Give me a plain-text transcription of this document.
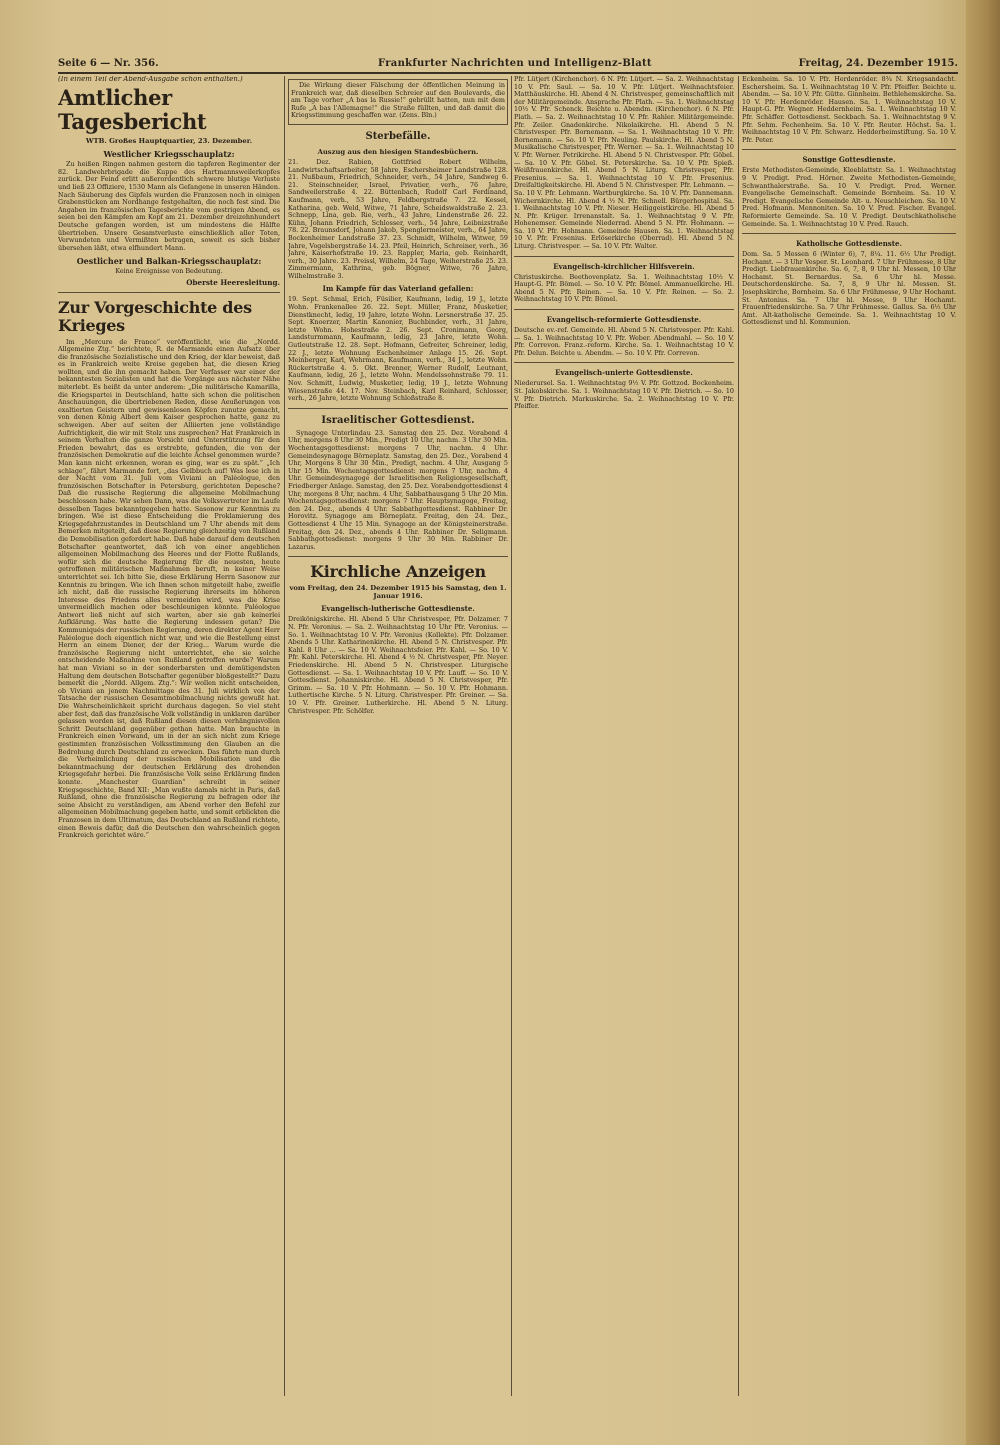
Seite 6 — Nr. 356.	Frankfurter Nachrichten und Intelligenz-Blatt	Freitag, 24. Dezember 1915.
(In einem Teil der Abend-Ausgabe schon enthalten.)
Amtlicher Tagesbericht
WTB. Großes Hauptquartier, 23. Dezember.
Westlicher Kriegsschauplatz:

Zu heißen Ringen nahmen gestern die tapferen Regimenter der 82. Landwehrbrigade die Kuppe des Hartmannsweilerkopfes zurück. Der Feind erlitt außerordentlich schwere blutige Verluste und ließ 23 Offiziere, 1530 Mann als Gefangene in unseren Händen. Nach Säuberung des Gipfels wurden die Franzosen noch in einigen Grabenstücken am Nordhange festgehalten, die noch fest sind. Die Angaben im französischen Tagesberichte vom gestrigen Abend, es seien bei den Kämpfen am Kopf am 21. Dezember dreizehnhundert Deutsche gefangen worden, ist um mindestens die Hälfte übertrieben. Unsere Gesamtverluste einschließlich aller Toten, Verwundeten und Vermißten betragen, soweit es sich bisher übersehen läßt, etwa elfhundert Mann.

Oestlicher und Balkan-Kriegsschauplatz:

Keine Ereignisse von Bedeutung.

Oberste Heeresleitung.
Zur Vorgeschichte des Krieges

Im „Mercure de France“ veröffentlicht, wie die „Nordd. Allgemeine Ztg.“ berichtete, R. de Marmande einen Aufsatz über die französische Sozialistische und den Krieg, der klar beweist, daß es in Frankreich weite Kreise gegeben hat, die diesen Krieg wollten, und die ihn gemacht haben. Der Verfasser war einer der bekanntesten Sozialisten und hat die Vorgänge aus nächster Nähe miterlebt. Es heißt da unter anderem: „Die militärische Kamarilla, die Kriegspartei in Deutschland, hatte sich schon die politischen Anschauungen, die übertriebenen Reden, diese Aeußerungen von exaltierten Geistern und gewissenlosen Köpfen zunutze gemacht, von denen König Albert dem Kaiser gesprochen hatte, ganz zu schweigen. Aber auf seiten der Alliierten jene vollständige Aufrichtigkeit, die wir mit Stolz uns zusprechen? Hat Frankreich in seinem Verhalten die ganze Vorsicht und Unterstützung für den Frieden bewahrt, das es erstrebte, gefunden, die von der französischen Demokratie auf die leichte Achsel genommen wurde? Man kann nicht erkennen, woran es ging, war es zu spät.“ „Ich schlage“, fährt Marmande fort, „das Gelbbuch auf! Was lese ich in der Nacht vom 31. Juli vom Viviani an Paléologue, den französischen Botschafter in Petersburg, gerichteten Depesche? Daß die russische Regierung die allgemeine Mobilmachung beschlossen habe. Wir sehen Dann, was die Volksvertreter im Laufe desselben Tages bekanntgegeben hatte. Sasonow zur Kenntnis zu bringen. Wie ist diese Entscheidung die Proklamierung des Kriegsgefahrzustandes in Deutschland um 7 Uhr abends mit dem Bemerken mitgeteilt, daß diese Regierung gleichzeitig von Rußland die Demobilisation gefordert habe. Daß habe darauf dem deutschen Botschafter geantwortet, daß ich von einer angeblichen allgemeinen Mobilmachung des Heeres und der Flotte Rußlands, wofür sich die deutsche Regierung für die neuesten, heute getroffenen militärischen Maßnahmen beruft, in keiner Weise unterrichtet sei. Ich bitte Sie, diese Erklärung Herrn Sasonow zur Kenntnis zu bringen. Wie ich Ihnen schon mitgeteilt habe, zweifle ich nicht, daß die russische Regierung ihrerseits im höheren Interesse des Friedens alles vermeiden wird, was die Krise unvermeidlich machen oder beschleunigen könnte. Paléologue Antwort ließ nicht auf sich warten, aber sie gab keinerlei Aufklärung. Was hatte die Regierung indessen getan? Die Kommuniqués der russischen Regierung, deren direkter Agent Herr Paléologue doch eigentlich nicht war, und wie die Bestellung einst Herrn an einem Diener, der der Krieg... Warum wurde die französische Regierung nicht unterrichtet, ehe sie solche entscheidende Maßnahme von Rußland getroffen wurde? Warum hat man Viviani so in der sonderbarsten und demütigendsten Haltung dem deutschen Botschafter gegenüber bloßgestellt?“ Dazu bemerkt die „Nordd. Allgem. Ztg.“: Wir wollen nicht entscheiden, ob Viviani an jenem Nachmittage des 31. Juli wirklich von der Tatsache der russischen Gesamtmobilmachung nichts gewußt hat. Die Wahrscheinlichkeit spricht durchaus dagegen. So viel steht aber fest, daß das französische Volk vollständig in unklaren darüber gelassen worden ist, daß Rußland diesen diesen verhängnisvollen Schritt Deutschland gegenüber gethan hatte. Man brauchte in Frankreich einen Vorwand, um in der an sich nicht zum Kriege gestimmten französischen Volksstimmung den Glauben an die Bedrohung durch Deutschland zu erwecken. Das führte man durch die Verheimlichung der russischen Mobilisation und die bekanntmachung der deutschen Erklärung des drohenden Kriegsgefahr herbei. Die französische Volk seine Erklärung finden konnte. „Manchester Guardian“ schreibt in seiner Kriegsgeschichte, Band XII: „Man wußte damals nicht in Paris, daß Rußland, ohne die französische Regierung zu befragen oder ihr seine Absicht zu verständigen, am Abend vorher den Befehl zur allgemeinen Mobilmachung gegeben hatte, und somit erblickten die Franzosen in dem Ultimatum, das Deutschland an Rußland richtete, einen Beweis dafür, daß die Deutschen den wahrscheinlich gegen Frankreich gerichtet wäre.“

Die Wirkung dieser Fälschung der öffentlichen Meinung in Frankreich war, daß dieselben Schreier auf den Boulevards, die am Tage vorher „A bas la Russie!“ gebrüllt hatten, nun mit dem Rufe „A bas l'Allemagne!“ die Straße füllten, und daß damit die Kriegsstimmung geschaffen war. (Zens. Bln.)

Sterbefälle.
Auszug aus den hiesigen Standesbüchern.

21. Dez. Rabien, Gottfried Robert Wilhelm, Landwirtschaftsarbeiter, 58 Jahre, Eschersheimer Landstraße 128. 21. Nußbaum, Friedrich, Schneider, verh., 54 Jahre, Sandweg 6. 21. Steinschneider, Israel, Privatier, verh., 76 Jahre, Sandweilerstraße 4. 22. Büttenbach, Rudolf Carl Ferdinand, Kaufmann, verh., 53 Jahre, Feldbergstraße 7. 22. Kessel, Katharina, geb. Weld, Witwe, 71 Jahre, Scheidswaldstraße 2. 23. Schnepp, Lina, geb. Rie, verh., 43 Jahre, Lindenstraße 26. 22. Kühn, Johann Friedrich, Schlosser, verh., 54 Jahre, Leibnizstraße 78. 22. Braunsdorf, Johann Jakob, Spenglermeister, verh., 64 Jahre, Bockenheimer Landstraße 37. 23. Schmidt, Wilhelm, Witwer, 59 Jahre, Vogelsbergstraße 14. 23. Pfeil, Heinrich, Schreiner, verh., 36 Jahre, Kaiserhofstraße 19. 23. Rappler, Maria, geb. Reinhardt, verh., 30 Jahre. 23. Preissl, Wilhelm, 24 Tage, Weiherstraße 25. 23. Zimmermann, Kathrina, geb. Bögner, Witwe, 76 Jahre, Wilhelmstraße 3.

Im Kampfe für das Vaterland gefallen:

19. Sept. Schmal, Erich, Füsilier, Kaufmann, ledig, 19 J., letzte Wohn. Frankenallee 26. 22. Sept. Müller, Franz, Musketier, Dienstknecht, ledig, 19 Jahre, letzte Wohn. Lersnerstraße 37. 25. Sept. Knoerzer, Martin Kanonier, Buchbinder, verh., 31 Jahre, letzte Wohn. Hohestraße 2. 26. Sept. Cronimann, Georg, Landsturmmann, Kaufmann, ledig, 23 Jahre, letzte Wohn. Gutleutstraße 12. 28. Sept. Hofmann, Gefreiter, Schreiner, ledig, 22 J., letzte Wohnung Eschenheimer Anlage 15. 26. Sept. Meinberger, Karl, Wehrmann, Kaufmann, verh., 34 J., letzte Wohn. Rückertstraße 4. 5. Okt. Brenner, Werner Rudolf, Leutnant, Kaufmann, ledig, 26 J., letzte Wohn. Mendelssohnstraße 79. 11. Nov. Schmitt, Ludwig, Musketier, ledig, 19 J., letzte Wohnung Wiesenstraße 44. 17. Nov. Steinbach, Karl Reinhard, Schlosser, verh., 26 Jahre, letzte Wohnung Schloßstraße 8.

Israelitischer Gottesdienst.

Synagoge Unterlindau 23. Samstag den 25. Dez. Vorabend 4 Uhr, morgens 8 Uhr 30 Min., Predigt 10 Uhr, nachm. 3 Uhr 30 Min. Wochentagsgottesdienst: morgens 7 Uhr, nachm. 4 Uhr. Gemeindesynagoge Börneplatz. Samstag, den 25. Dez., Vorabend 4 Uhr, Morgens 8 Uhr 30 Min., Predigt, nachm. 4 Uhr, Ausgang 5 Uhr 15 Min. Wochentagsgottesdienst: morgens 7 Uhr, nachm. 4 Uhr. Gemeindesynagoge der Israelitischen Religionsgesellschaft, Friedberger Anlage. Samstag, den 25. Dez. Vorabendgottesdienst 4 Uhr, morgens 8 Uhr, nachm. 4 Uhr, Sabbathausgang 5 Uhr 20 Min. Wochentagsgottesdienst: morgens 7 Uhr. Hauptsynagoge, Freitag, den 24. Dez., abends 4 Uhr. Sabbathgottesdienst. Rabbiner Dr. Horovitz. Synagoge am Börneplatz. Freitag, den 24. Dez., Gottesdienst 4 Uhr 15 Min. Synagoge an der Königsteinerstraße. Freitag, den 24. Dez., abends 4 Uhr. Rabbiner Dr. Seligmann. Sabbathgottesdienst: morgens 9 Uhr 30 Min. Rabbiner Dr. Lazarus.

Kirchliche Anzeigen
vom Freitag, den 24. Dezember 1915 bis Samstag, den 1. Januar 1916.
Evangelisch-lutherische Gottesdienste.

Dreikönigskirche. Hl. Abend 5 Uhr Christvesper, Pfr. Dolzamer. 7 N. Pfr. Veronius. — Sa. 2. Weihnachtstag 10 Uhr Pfr. Veronius. — So. 1. Weihnachtstag 10 V. Pfr. Veronius (Kollekte). Pfr. Dolzamer. Abends 5 Uhr. Katharinenkirche. Hl. Abend 5 N. Christvesper. Pfr. Kahl. 8 Uhr ... — Sa. 10 V. Weihnachtsfeier. Pfr. Kahl. — So. 10 V. Pfr. Kahl. Peterskirche. Hl. Abend 4 ½ N. Christvesper, Pfr. Neyer. Friedenskirche. Hl. Abend 5 N. Christvesper. Liturgische Gottesdienst. — Sa. 1. Weihnachtstag 10 V. Pfr. Lauff. — So. 10 V. Gottesdienst. Johanniskirche. Hl. Abend 5 N. Christvesper, Pfr. Grimm. — Sa. 10 V. Pfr. Hohmann. — So. 10 V. Pfr. Hohmann. Luthertische Kirche. 5 N. Liturg. Christvesper. Pfr. Greiner. — Sa. 10 V. Pfr. Greiner. Lutherkirche. Hl. Abend 5 N. Liturg. Christvesper. Pfr. Schölfer.

Pfr. Lütjert (Kirchenchor). 6 N. Pfr. Lütjert. — Sa. 2. Weihnachtstag 10 V. Pfr. Saul. — Sa. 10 V. Pfr. Lütjert. Weihnachtsfeier. Matthäuskirche. Hl. Abend 4 N. Christvesper, gemeinschaftlich mit der Militärgemeinde. Ansprache Pfr. Plath. — Sa. 1. Weihnachtstag 10½ V. Pfr. Schenck. Beichte u. Abendm. (Kirchenchor). 6 N. Pfr. Plath. — Sa. 2. Weihnachtstag 10 V. Pfr. Rahler. Militärgemeinde. Pfr. Zeiler. Gnadenkirche. Nikolaikirche. Hl. Abend 5 N. Christvesper. Pfr. Bornemann. — Sa. 1. Weihnachtstag 10 V. Pfr. Bornemann. — So. 10 V. Pfr. Neuling. Paulskirche. Hl. Abend 5 N. Musikalische Christvesper, Pfr. Werner. — Sa. 1. Weihnachtstag 10 V. Pfr. Werner. Petrikirche. Hl. Abend 5 N. Christvesper. Pfr. Göbel. — Sa. 10 V. Pfr. Göbel. St. Peterskirche. Sa. 10 V. Pfr. Spieß. Weißfrauenkirche. Hl. Abend 5 N. Liturg. Christvesper, Pfr. Fresenius. — Sa. 1. Weihnachtstag 10 V. Pfr. Fresenius. Dreifaltigkeitskirche. Hl. Abend 5 N. Christvesper. Pfr. Lehmann. — Sa. 10 V. Pfr. Lehmann. Wartburgkirche. Sa. 10 V. Pfr. Dannemann. Wichernkirche. Hl. Abend 4 ½ N. Pfr. Schnell. Bürgerhospital. Sa. 1. Weihnachtstag 10 V. Pfr. Nieser. Heiliggeistkirche. Hl. Abend 5 N. Pfr. Krüger. Irrenanstalt. Sa. 1. Weihnachtstag 9 V. Pfr. Hohenemser. Gemeinde Niederrad. Abend 5 N. Pfr. Hohmann. — Sa. 10 V. Pfr. Hohmann. Gemeinde Hausen. Sa. 1. Weihnachtstag 10 V. Pfr. Fresenius. Erlöserkirche (Oberrad). Hl. Abend 5 N. Liturg. Christvesper. — Sa. 10 V. Pfr. Walter.

Evangelisch-kirchlicher Hilfsverein.

Christuskirche. Beethovenplatz. Sa. 1. Weihnachtstag 10½ V. Haupt-G. Pfr. Bömel. — So. 10 V. Pfr. Bömel. Ammanuelkirche. Hl. Abend 5 N. Pfr. Reinen. — Sa. 10 V. Pfr. Reinen. — So. 2. Weihnachtstag 10 V. Pfr. Bömel.

Evangelisch-reformierte Gottesdienste.

Deutsche ev.-ref. Gemeinde. Hl. Abend 5 N. Christvesper. Pfr. Kahl. — Sa. 1. Weihnachtstag 10 V. Pfr. Weber. Abendmahl. — So. 10 V. Pfr. Correvon. Franz.-reform. Kirche. Sa. 1. Weihnachtstag 10 V. Pfr. Delun. Beichte u. Abendm. — So. 10 V. Pfr. Correvon.

Evangelisch-unierte Gottesdienste.

Niederursel. Sa. 1. Weihnachtstag 9½ V. Pfr. Gottzod. Bockenheim. St. Jakobskirche. Sa. 1. Weihnachtstag 10 V. Pfr. Dietrich. — So. 10 V. Pfr. Dietrich. Markuskirche. Sa. 2. Weihnachtstag 10 V. Pfr. Pfeiffer.

Eckenheim. Sa. 10 V. Pfr. Herdenröder. 8¾ N. Kriegsandacht. Eschersheim. Sa. 1. Weihnachtstag 10 V. Pfr. Pfeiffer. Beichte u. Abendm. — Sa. 10 V. Pfr. Gütte. Ginnheim. Bethlehemskirche. Sa. 10 V. Pfr. Herdenröder. Hausen. Sa. 1. Weihnachtstag 10 V. Haupt-G. Pfr. Wegner. Heddernheim. Sa. 1. Weihnachtstag 10 V. Pfr. Schäffer. Gottesdienst. Seckbach. Sa. 1. Weihnachtstag 9 V. Pfr. Sehm. Fechenheim. Sa. 10 V. Pfr. Reuter. Höchst. Sa. 1. Weihnachtstag 10 V. Pfr. Schwarz. Hedderheimstiftung. Sa. 10 V. Pfr. Peter.

Sonstige Gottesdienste.

Erste Methodisten-Gemeinde, Kleeblattstr. Sa. 1. Weihnachtstag 9 V. Predigt. Pred. Hörner. Zweite Methodisten-Gemeinde, Schwanthalerstraße. Sa. 10 V. Predigt. Pred. Werner. Evangelische Gemeinschaft. Gemeinde Bornheim. Sa. 10 V. Predigt. Evangelische Gemeinde Alt- u. Neuschleichen. Sa. 10 V. Pred. Hofmann. Mennoniten. Sa. 10 V. Pred. Fischer. Evangel. Reformierte Gemeinde. Sa. 10 V. Predigt. Deutschkatholische Gemeinde. Sa. 1. Weihnachtstag 10 V. Pred. Rauch.

Katholische Gottesdienste.

Dom. Sa. 5 Messen 6 (Winter 6), 7, 8¼. 11. 6½ Uhr Predigt. Hochamt. — 3 Uhr Vesper. St. Leonhard. 7 Uhr Frühmesse, 8 Uhr Predigt. Liebfrauenkirche. Sa. 6, 7, 8, 9 Uhr hl. Messen, 10 Uhr Hochamt. St. Bernardus. Sa. 6 Uhr hl. Messe. Deutschordenskirche. Sa. 7, 8, 9 Uhr hl. Messen. St. Josephskirche, Bornheim. Sa. 6 Uhr Frühmesse, 9 Uhr Hochamt. St. Antonius. Sa. 7 Uhr hl. Messe, 9 Uhr Hochamt. Frauenfriedenskirche. Sa. 7 Uhr Frühmesse. Gallus. Sa. 6½ Uhr Amt. Alt-katholische Gemeinde. Sa. 1. Weihnachtstag 10 V. Gottesdienst und hl. Kommunion.
